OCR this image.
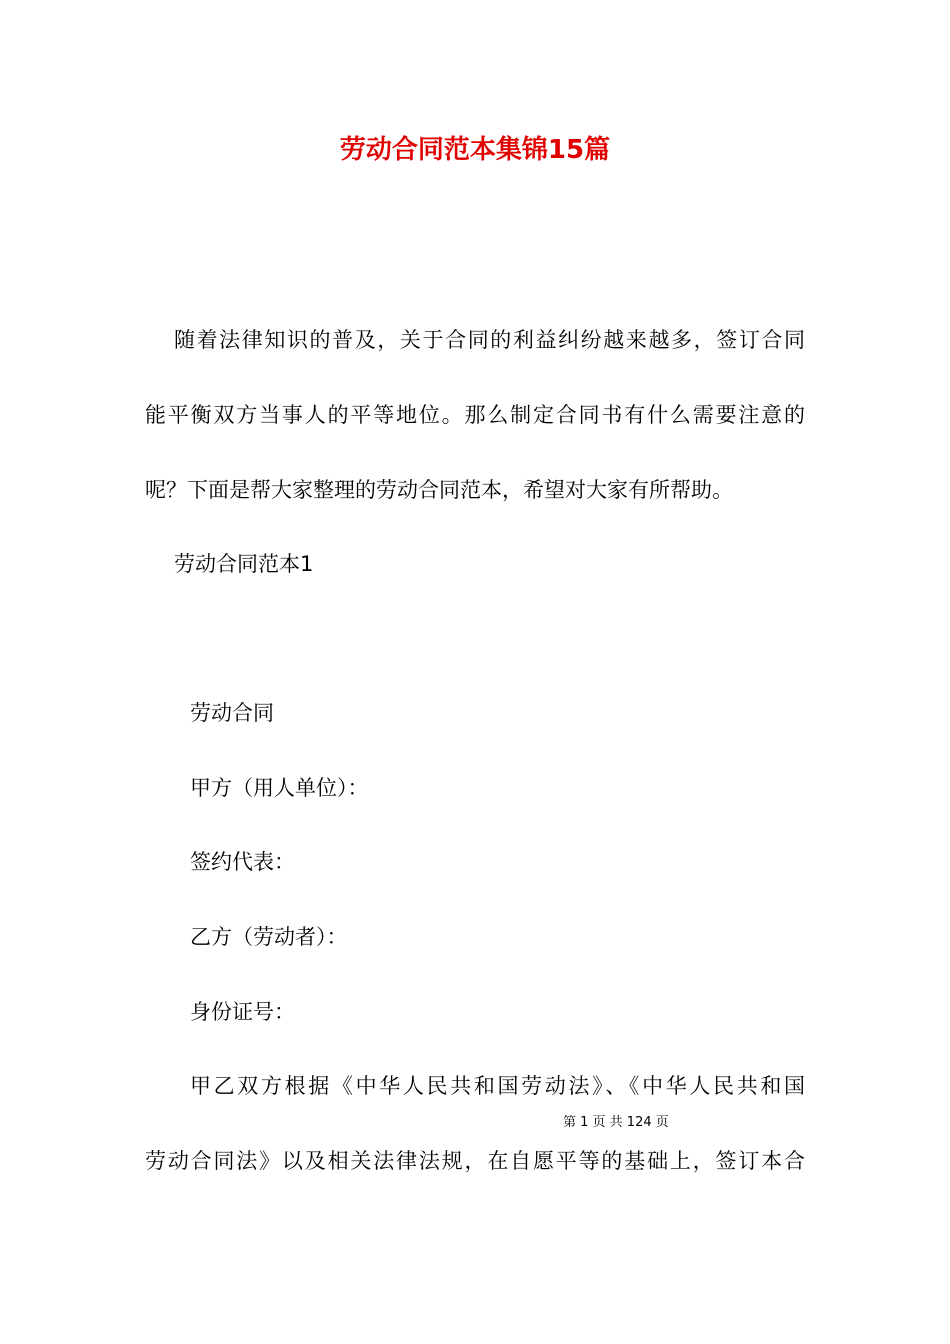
劳动合同范本集锦15篇
随着法律知识的普及，关于合同的利益纠纷越来越多，签订合同
能平衡双方当事人的平等地位。那么制定合同书有什么需要注意的
呢？下面是帮大家整理的劳动合同范本，希望对大家有所帮助。
劳动合同范本1
劳动合同
甲方（用人单位）：
签约代表：
乙方（劳动者）：
身份证号：
甲乙双方根据《中华人民共和国劳动法》、《中华人民共和国
第 1 页 共 124 页
劳动合同法》以及相关法律法规，在自愿平等的基础上，签订本合
